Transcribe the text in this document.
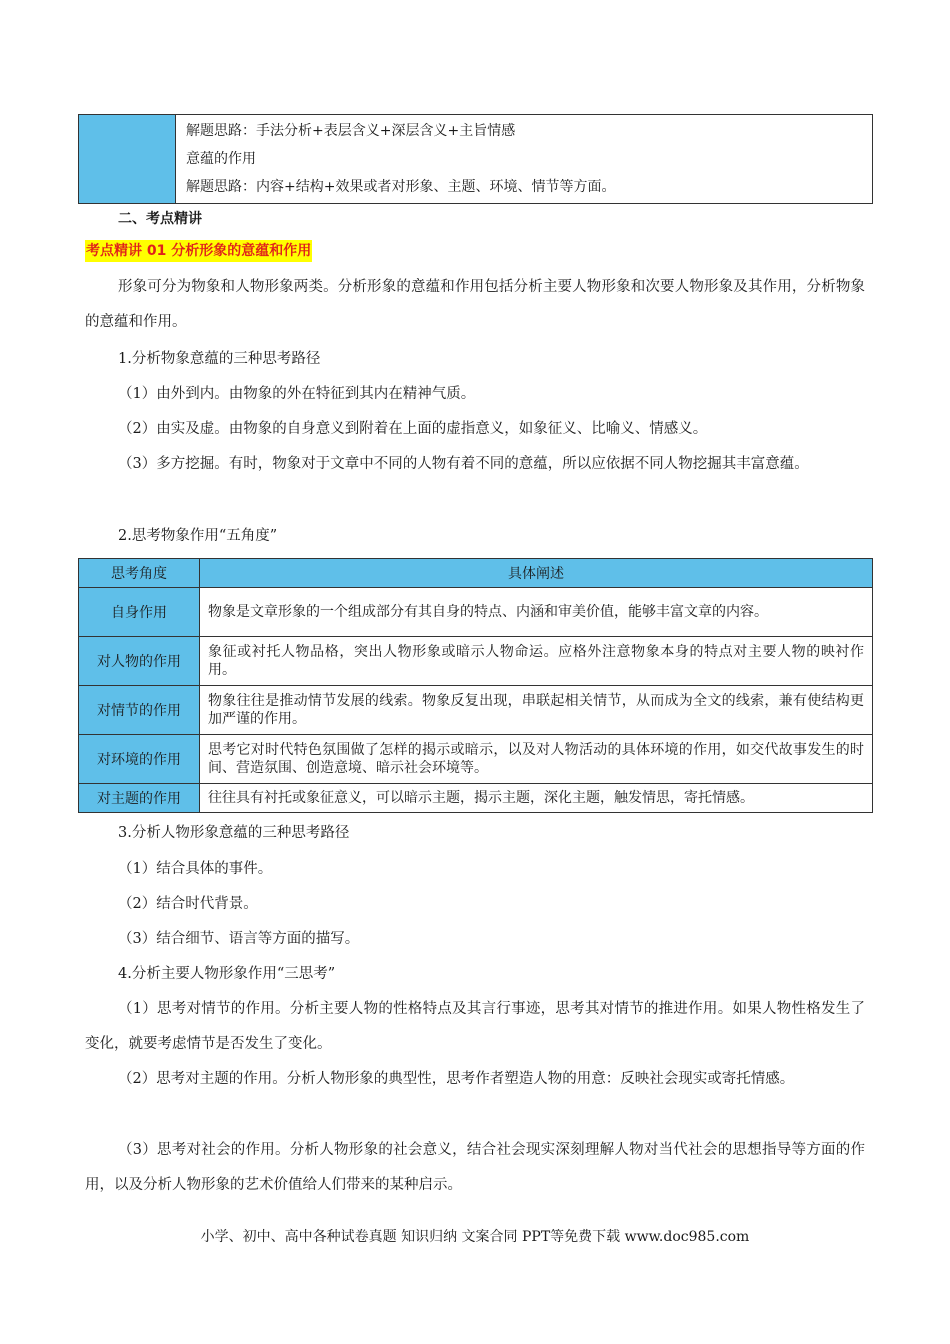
解题思路：手法分析+表层含义+深层含义+主旨情感
意蕴的作用
解题思路：内容+结构+效果或者对形象、主题、环境、情节等方面。
二、考点精讲
考点精讲 01 分析形象的意蕴和作用
形象可分为物象和人物形象两类。分析形象的意蕴和作用包括分析主要人物形象和次要人物形象及其作用，分析物象的意蕴和作用。
1.分析物象意蕴的三种思考路径
（1）由外到内。由物象的外在特征到其内在精神气质。
（2）由实及虚。由物象的自身意义到附着在上面的虚指意义，如象征义、比喻义、情感义。
（3）多方挖掘。有时，物象对于文章中不同的人物有着不同的意蕴，所以应依据不同人物挖掘其丰富意蕴。
2.思考物象作用“五角度”
思考角度	具体阐述
自身作用	物象是文章形象的一个组成部分有其自身的特点、内涵和审美价值，能够丰富文章的内容。
对人物的作用	象征或衬托人物品格，突出人物形象或暗示人物命运。应格外注意物象本身的特点对主要人物的映衬作用。
对情节的作用	物象往往是推动情节发展的线索。物象反复出现，串联起相关情节，从而成为全文的线索，兼有使结构更加严谨的作用。
对环境的作用	思考它对时代特色氛围做了怎样的揭示或暗示，以及对人物活动的具体环境的作用，如交代故事发生的时间、营造氛围、创造意境、暗示社会环境等。
对主题的作用	往往具有衬托或象征意义，可以暗示主题，揭示主题，深化主题，触发情思，寄托情感。
3.分析人物形象意蕴的三种思考路径
（1）结合具体的事件。
（2）结合时代背景。
（3）结合细节、语言等方面的描写。
4.分析主要人物形象作用“三思考”
（1）思考对情节的作用。分析主要人物的性格特点及其言行事迹，思考其对情节的推进作用。如果人物性格发生了变化，就要考虑情节是否发生了变化。
（2）思考对主题的作用。分析人物形象的典型性，思考作者塑造人物的用意：反映社会现实或寄托情感。
（3）思考对社会的作用。分析人物形象的社会意义，结合社会现实深刻理解人物对当代社会的思想指导等方面的作用，以及分析人物形象的艺术价值给人们带来的某种启示。
小学、初中、高中各种试卷真题 知识归纳 文案合同 PPT等免费下载 www.doc985.com
